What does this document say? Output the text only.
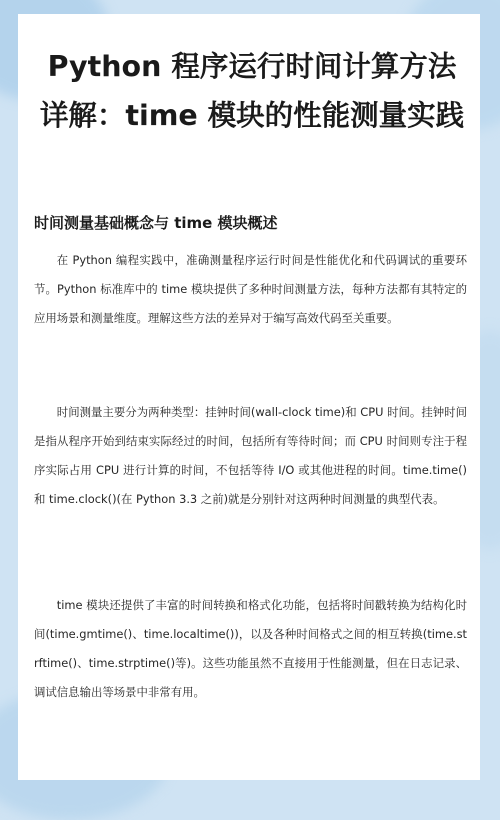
Python 程序运行时间计算方法详解：time 模块的性能测量实践
时间测量基础概念与 time 模块概述

在 Python 编程实践中，准确测量程序运行时间是性能优化和代码调试的重要环节。Python 标准库中的 time 模块提供了多种时间测量方法，每种方法都有其特定的应用场景和测量维度。理解这些方法的差异对于编写高效代码至关重要。

时间测量主要分为两种类型：挂钟时间(wall-clock time)和 CPU 时间。挂钟时间是指从程序开始到结束实际经过的时间，包括所有等待时间；而 CPU 时间则专注于程序实际占用 CPU 进行计算的时间，不包括等待 I/O 或其他进程的时间。time.time()和 time.clock()(在 Python 3.3 之前)就是分别针对这两种时间测量的典型代表。

time 模块还提供了丰富的时间转换和格式化功能，包括将时间戳转换为结构化时间(time.gmtime()、time.localtime())，以及各种时间格式之间的相互转换(time.strftime()、time.strptime()等)。这些功能虽然不直接用于性能测量，但在日志记录、调试信息输出等场景中非常有用。
